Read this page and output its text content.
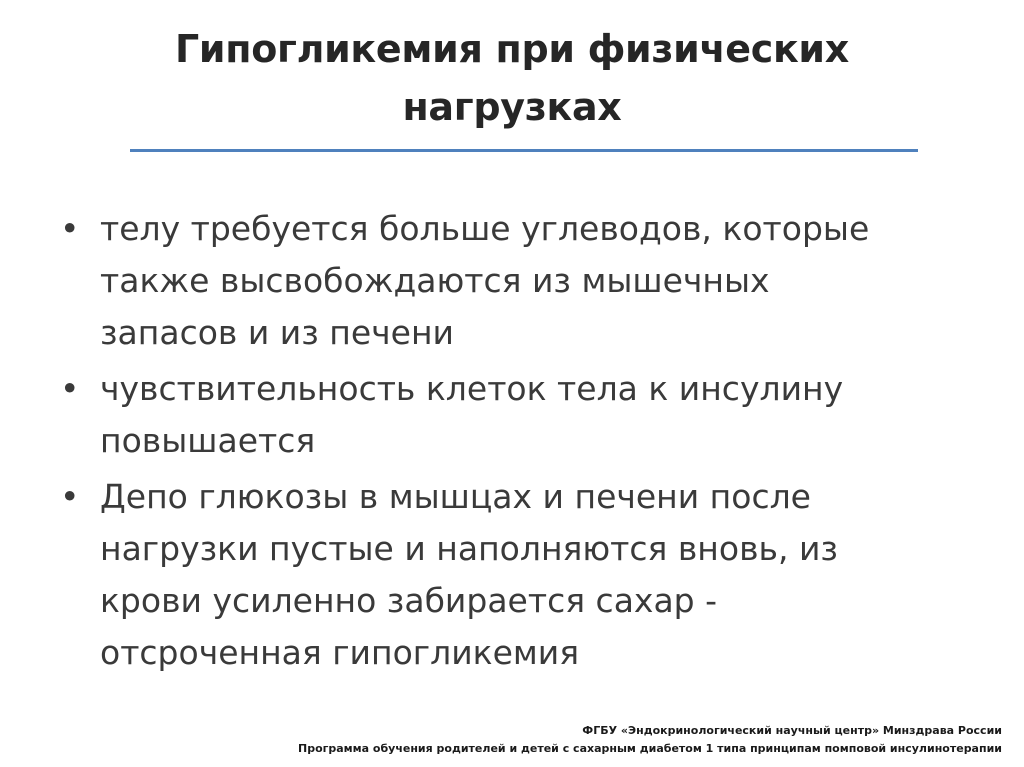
Гипогликемия при физических
нагрузках
• телу требуется больше углеводов, которые
также высвобождаются из мышечных
запасов и из печени
• чувствительность клеток тела к инсулину
повышается
• Депо глюкозы в мышцах и печени после
нагрузки пустые и наполняются вновь, из
крови усиленно забирается сахар -
отсроченная гипогликемия
ФГБУ «Эндокринологический научный центр» Минздрава России
Программа обучения родителей и детей с сахарным диабетом 1 типа принципам помповой инсулинотерапии
